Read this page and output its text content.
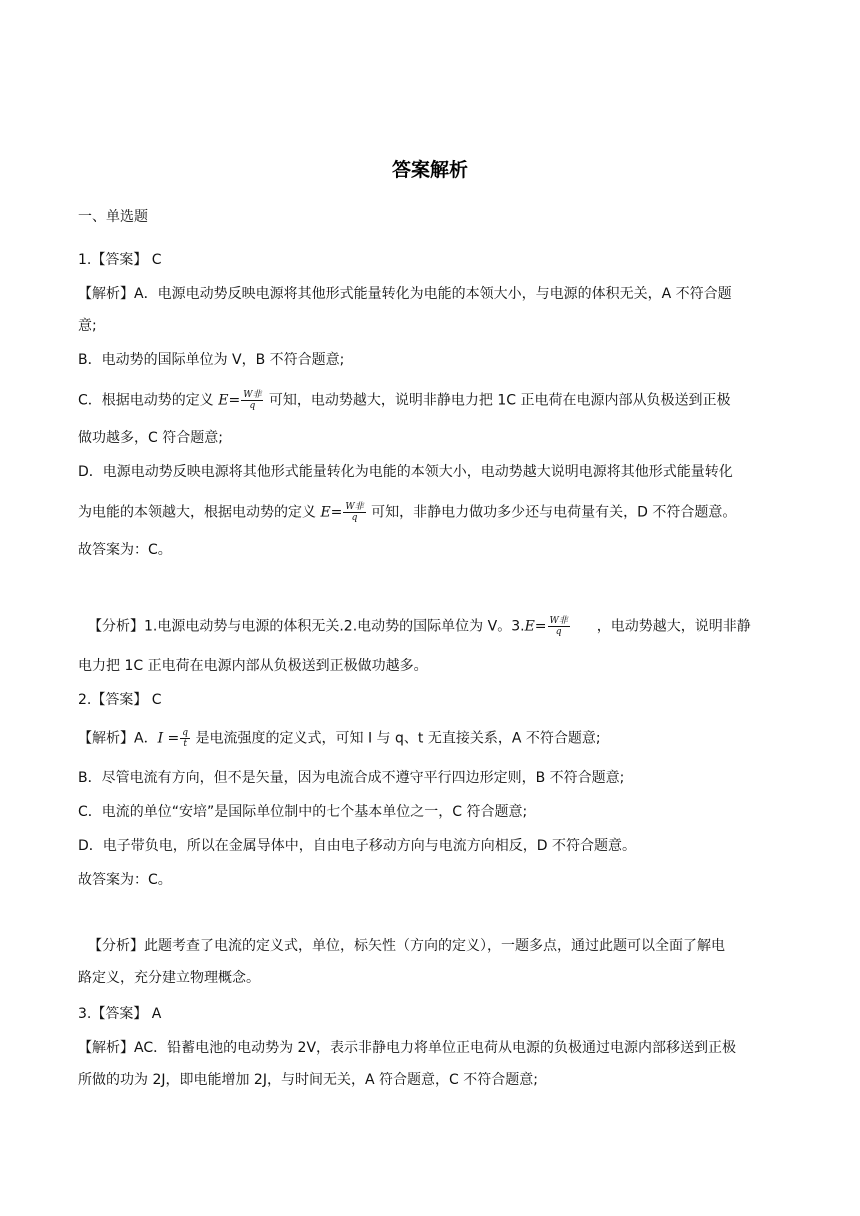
答案解析
一、单选题
1.【答案】 C
【解析】A．电源电动势反映电源将其他形式能量转化为电能的本领大小，与电源的体积无关，A 不符合题
意;
B．电动势的国际单位为 V，B 不符合题意;
C．根据电动势的定义 $E= \frac{\text{W非}}{q}$ 可知，电动势越大，说明非静电力把 1C 正电荷在电源内部从负极送到正极
做功越多，C 符合题意;
D．电源电动势反映电源将其他形式能量转化为电能的本领大小，电动势越大说明电源将其他形式能量转化
为电能的本领越大，根据电动势的定义 $E= \frac{\text{W非}}{q}$ 可知，非静电力做功多少还与电荷量有关，D 不符合题意。
故答案为：C。
【分析】1.电源电动势与电源的体积无关.2.电动势的国际单位为 V。$3.E= \frac{\text{W非}}{q}$ ，电动势越大，说明非静
电力把 1C 正电荷在电源内部从负极送到正极做功越多。
2.【答案】 C
【解析】A．$I = \frac{q}{t}$ 是电流强度的定义式，可知 I 与 q、t 无直接关系，A 不符合题意;
B．尽管电流有方向，但不是矢量，因为电流合成不遵守平行四边形定则，B 不符合题意;
C．电流的单位“安培”是国际单位制中的七个基本单位之一，C 符合题意;
D．电子带负电，所以在金属导体中，自由电子移动方向与电流方向相反，D 不符合题意。
故答案为：C。
【分析】此题考查了电流的定义式，单位，标矢性（方向的定义），一题多点，通过此题可以全面了解电
路定义，充分建立物理概念。
3.【答案】 A
【解析】AC．铅蓄电池的电动势为 2V，表示非静电力将单位正电荷从电源的负极通过电源内部移送到正极
所做的功为 2J，即电能增加 2J，与时间无关，A 符合题意，C 不符合题意;
